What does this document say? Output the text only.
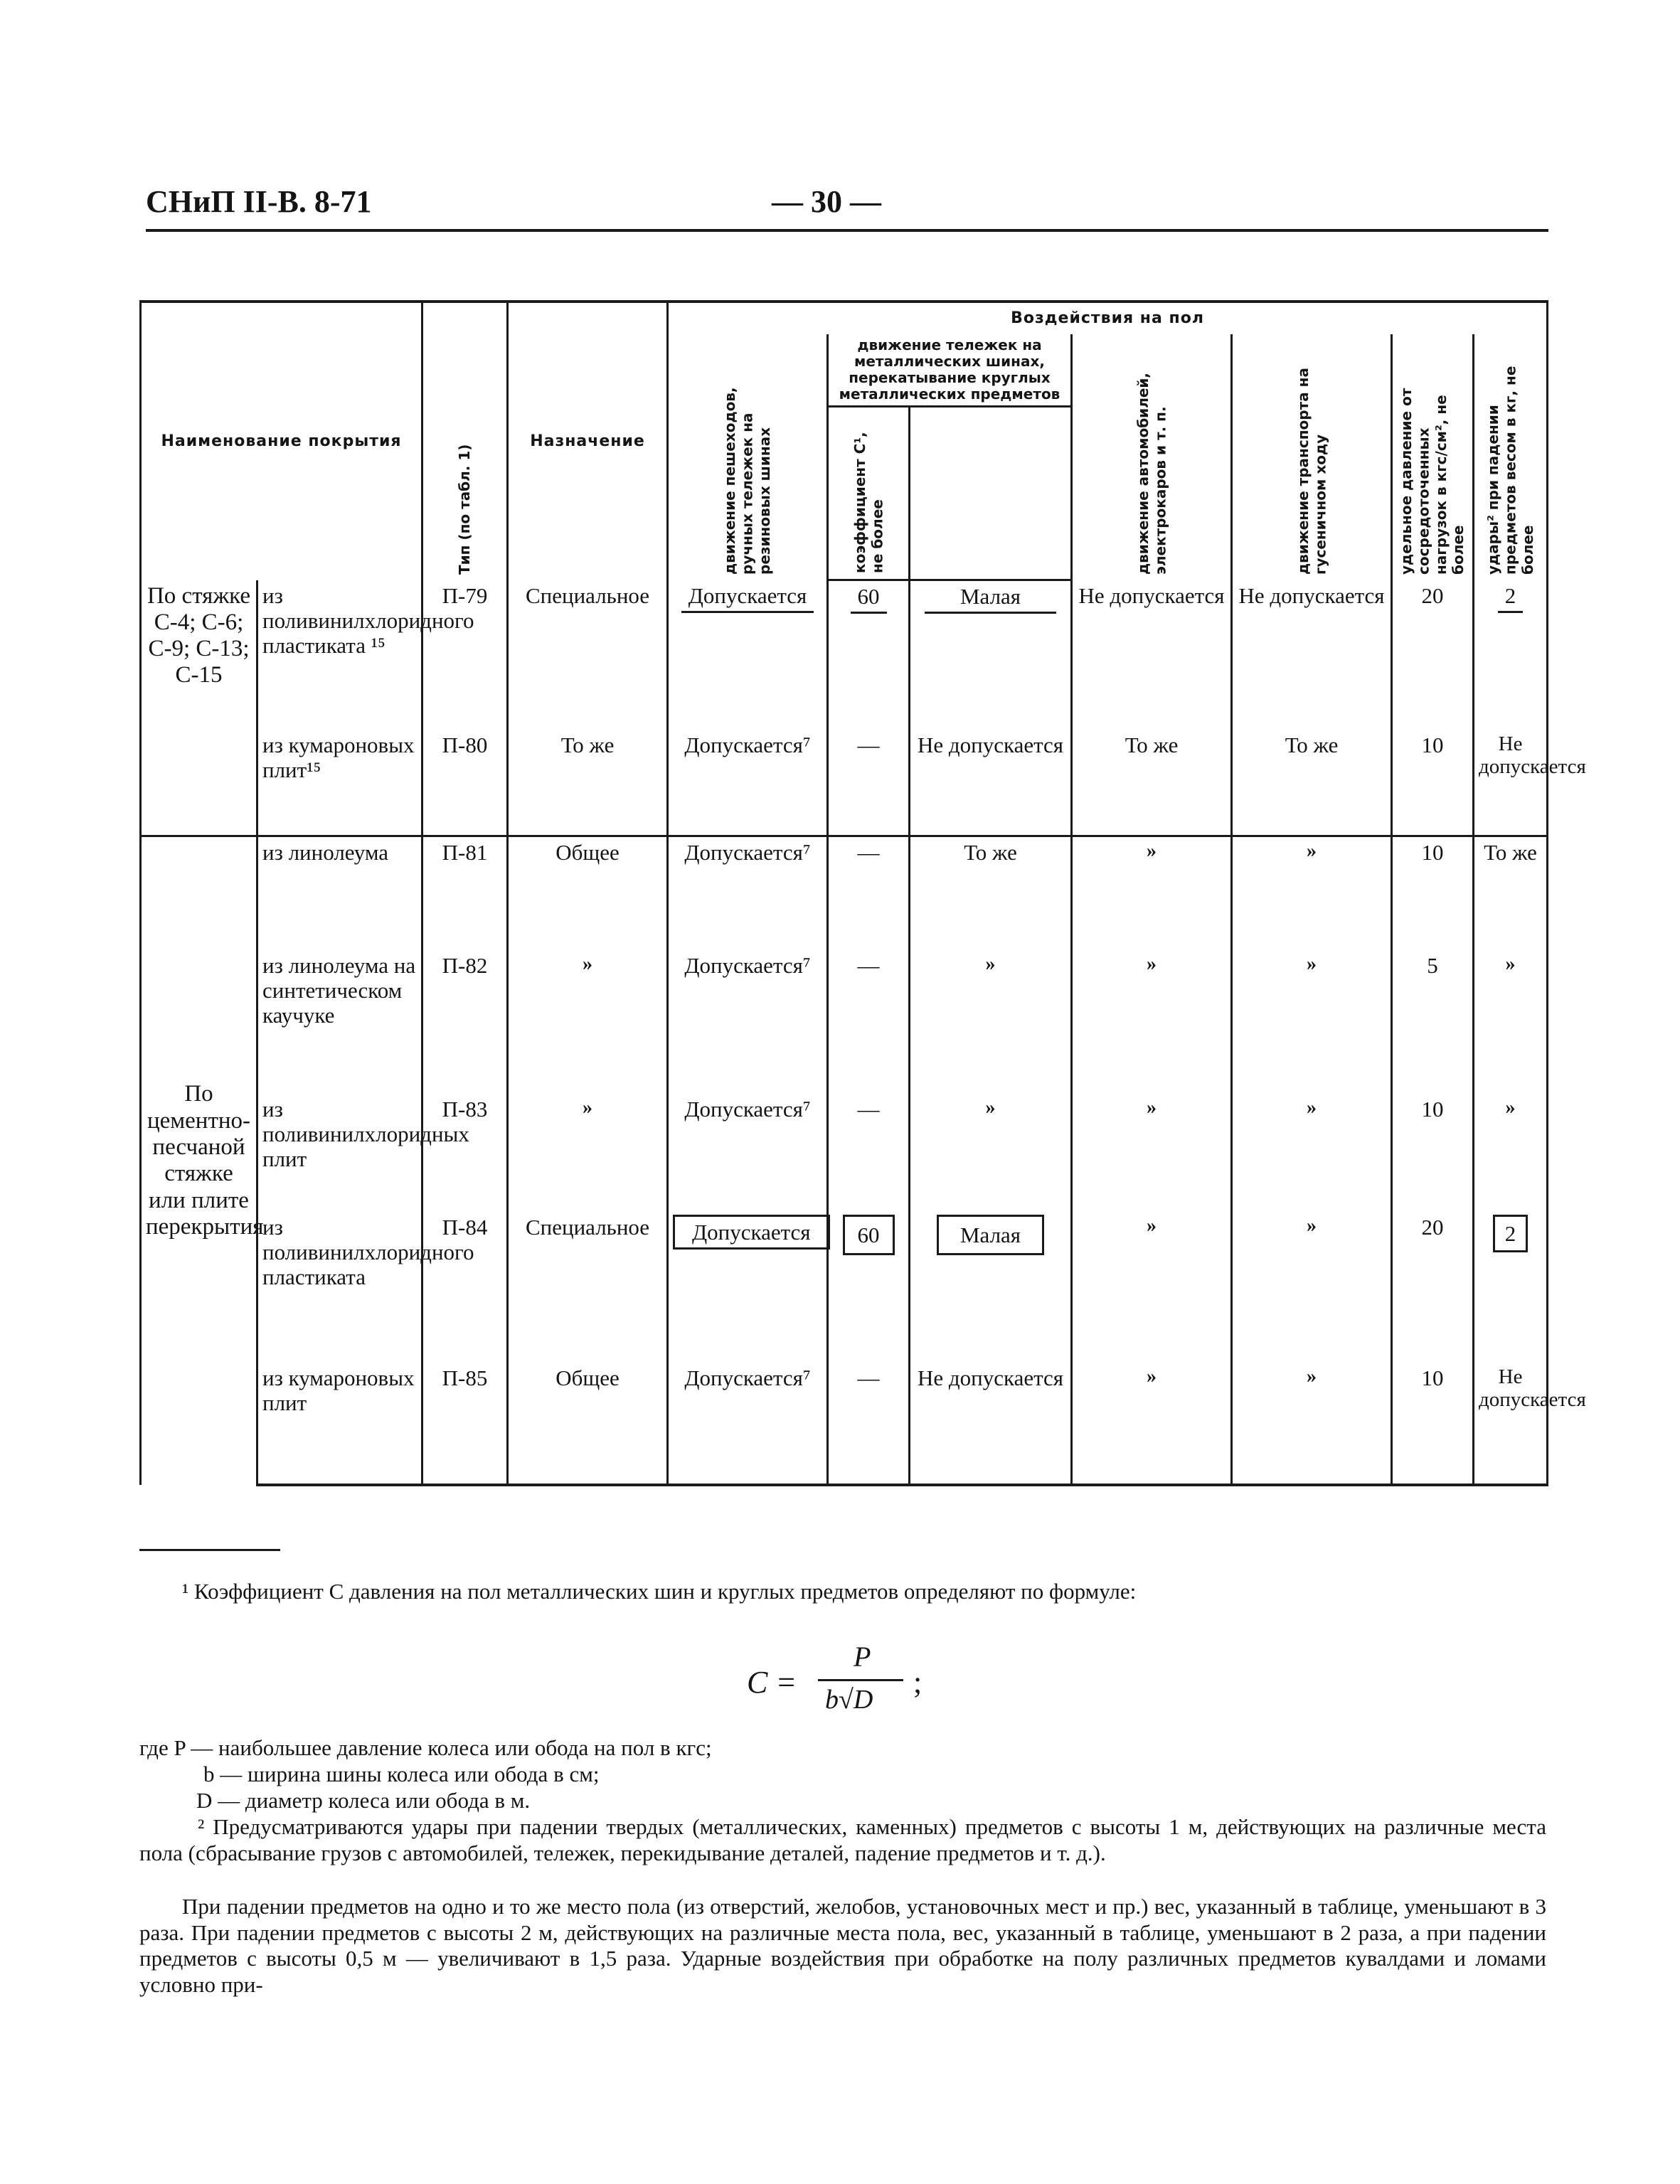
СНиП II-В. 8-71	— 30 —
Наименование покрытия		Тип (по табл. 1)	Назначение	Воздействия на пол						

				движение пешеходов, ручных тележек на резиновых шинах	движение тележек на металлических шинах, перекатывание круглых металлических предметов		движение автомобилей, электрокаров и т. п.	движение транспорта на гусеничном ходу	удельное давление от сосредоточенных нагрузок в кгс/см², не более	удары² при падении предметов весом в кг, не более

					коэффициент C¹, не более					

По стяжке С-4; С-6; С-9; С-13; С-15	из поливинилхлоридного пластиката ¹⁵	П-79	Специальное	Допускается	60	Малая	Не допускается	Не допускается	20	2
	из кумароновых плит¹⁵	П-80	То же	Допускается⁷	—	Не допускается	То же	То же	10	Не допускается
По цементно-песчаной стяжке или плите перекрытия	из линолеума	П-81	Общее	Допускается⁷	—	То же	»	»	10	То же
	из линолеума на синтетическом каучуке	П-82	»	Допускается⁷	—	»	»	»	5	»
	из поливинилхлоридных плит	П-83	»	Допускается⁷	—	»	»	»	10	»
	из поливинилхлоридного пластиката	П-84	Специальное	Допускается	60	Малая	»	»	20	2
	из кумароновых плит	П-85	Общее	Допускается⁷	—	Не допускается	»	»	10	Не допускается
¹ Коэффициент C давления на пол металлических шин и круглых предметов определяют по формуле:
C =
P
b√D ;
где P — наибольшее давление колеса или обода на пол в кгс;
b — ширина шины колеса или обода в см;
D — диаметр колеса или обода в м.
² Предусматриваются удары при падении твердых (металлических, каменных) предметов с высоты 1 м, действующих на различные места пола (сбрасывание грузов с автомобилей, тележек, перекидывание деталей, падение предметов и т. д.).
При падении предметов на одно и то же место пола (из отверстий, желобов, установочных мест и пр.) вес, указанный в таблице, уменьшают в 3 раза. При падении предметов с высоты 2 м, действующих на различные места пола, вес, указанный в таблице, уменьшают в 2 раза, а при падении предметов с высоты 0,5 м — увеличивают в 1,5 раза. Ударные воздействия при обработке на полу различных предметов кувалдами и ломами условно при-
